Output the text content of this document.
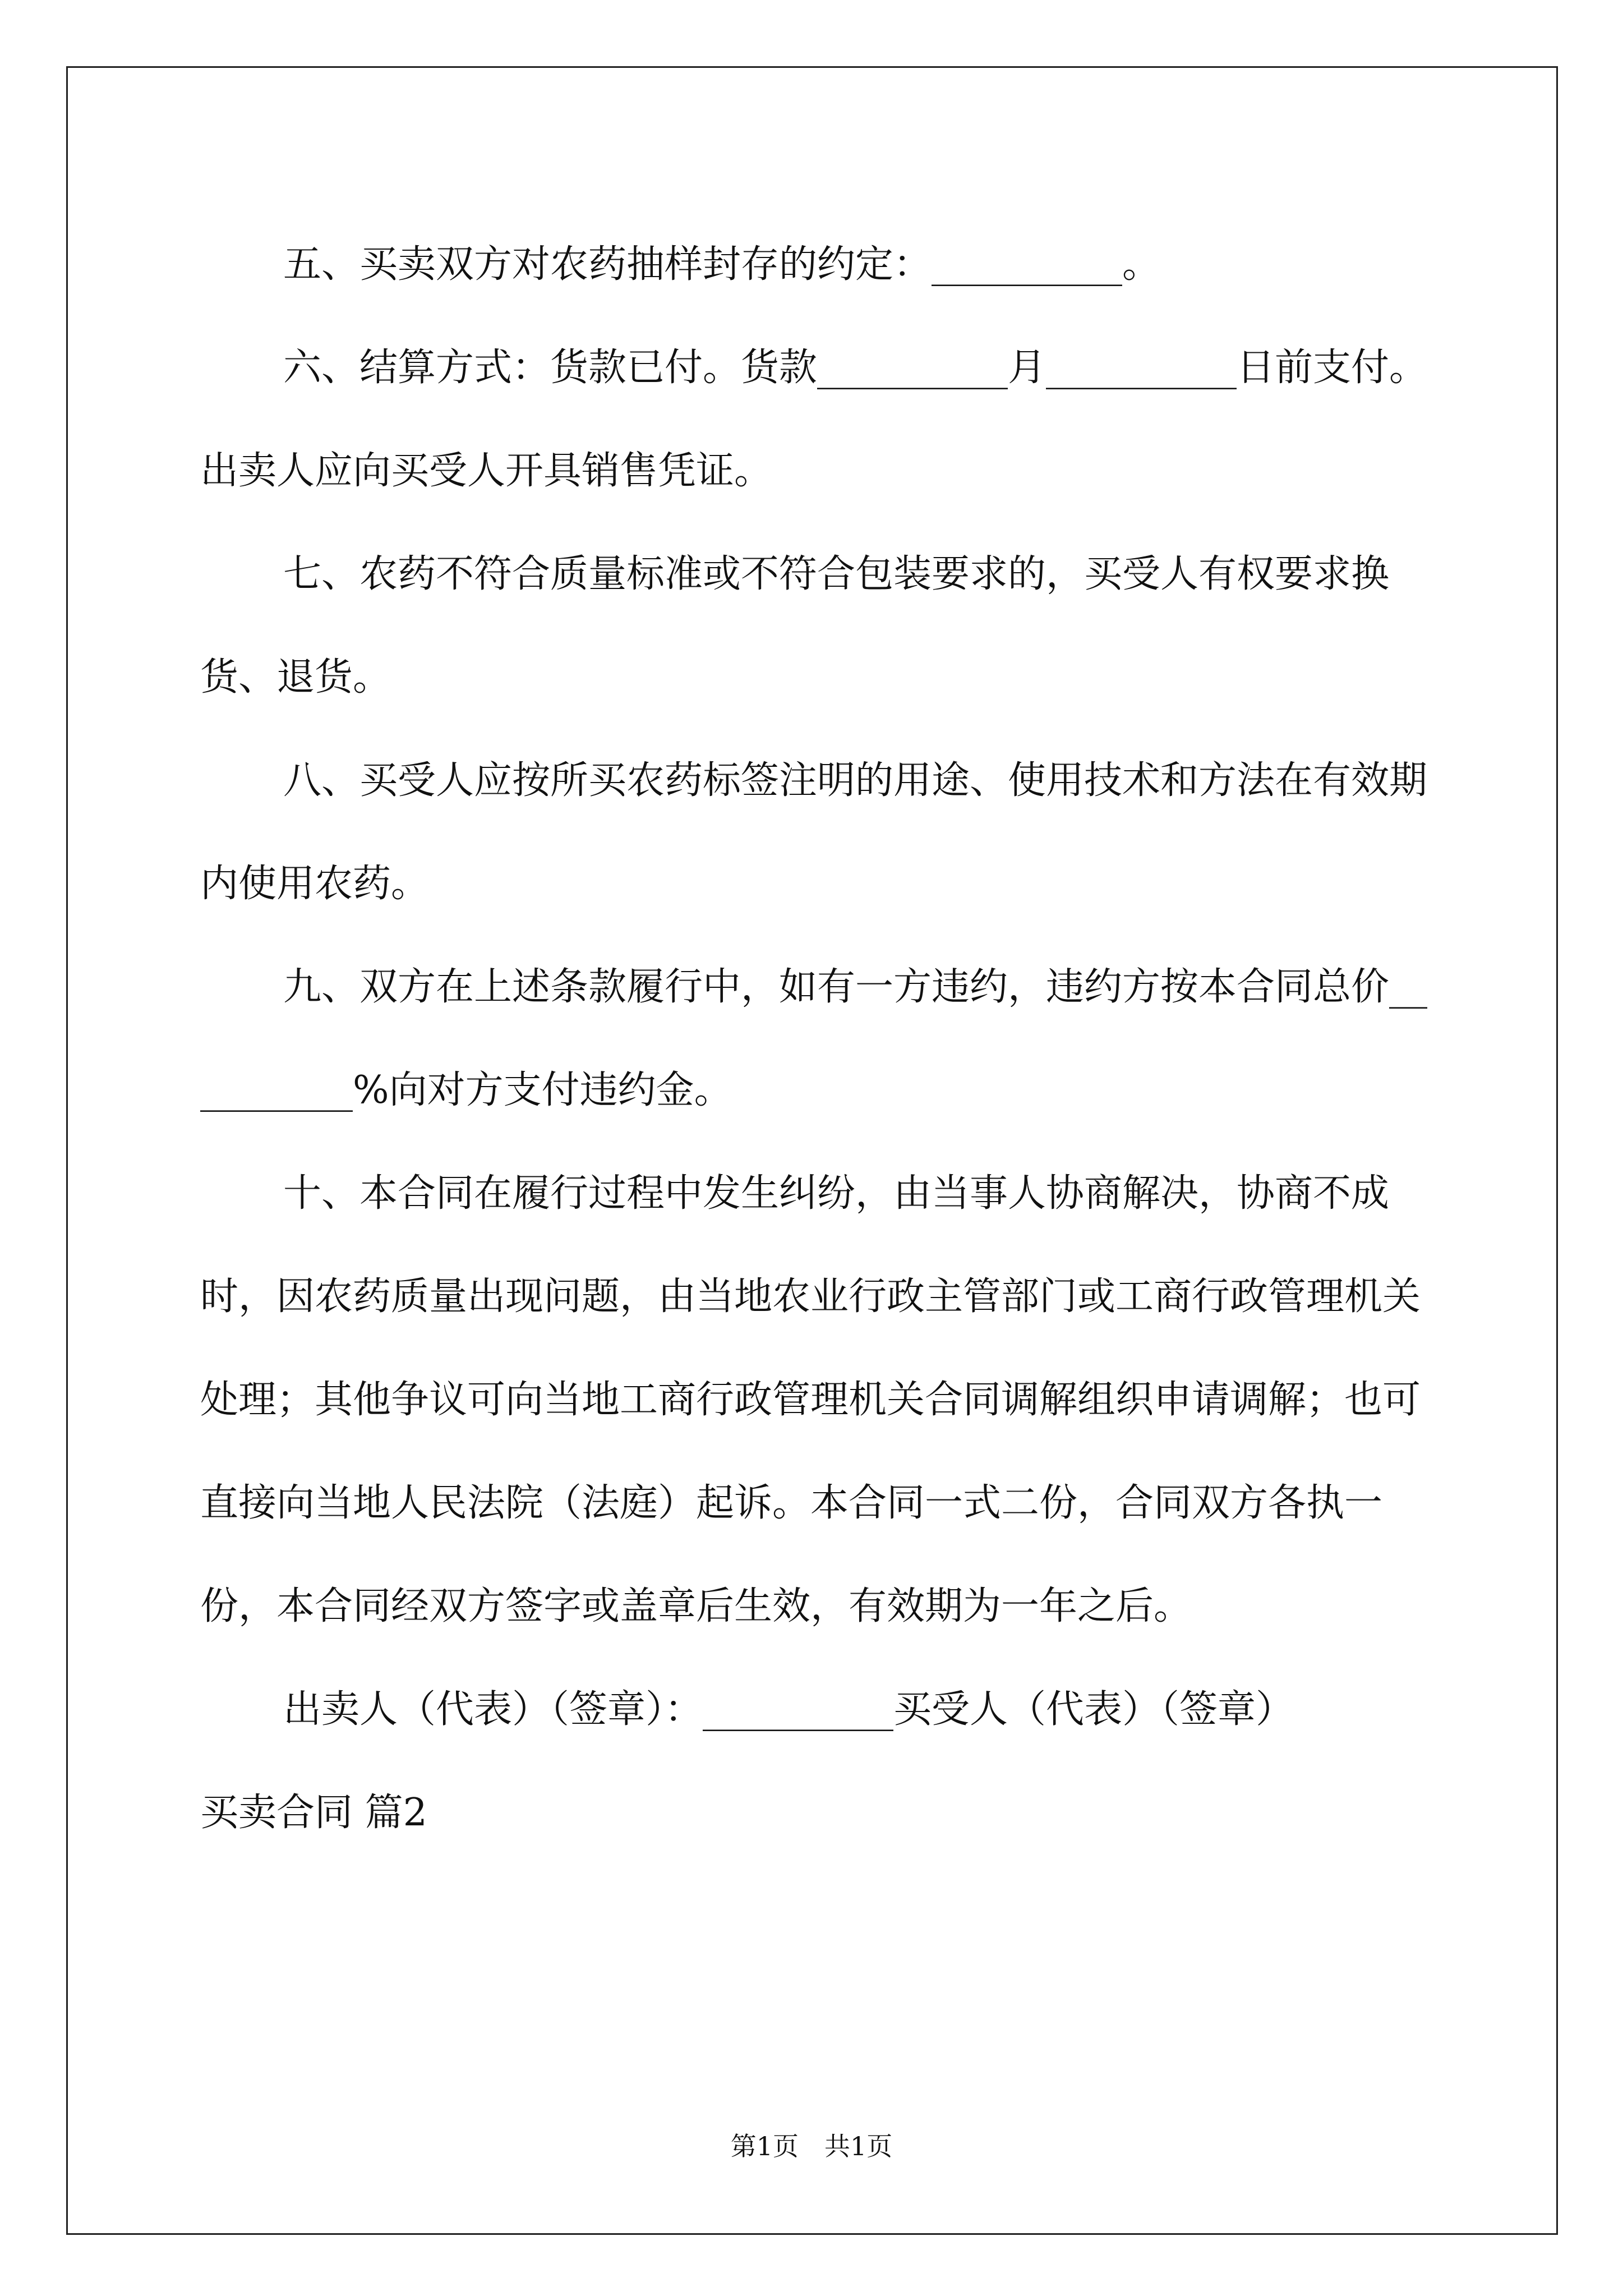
五、买卖双方对农药抽样封存的约定：__________。

六、结算方式：货款已付。货款__________月__________日前支付。出卖人应向买受人开具销售凭证。

七、农药不符合质量标准或不符合包装要求的，买受人有权要求换货、退货。

八、买受人应按所买农药标签注明的用途、使用技术和方法在有效期内使用农药。

九、双方在上述条款履行中，如有一方违约，违约方按本合同总价__________%向对方支付违约金。

十、本合同在履行过程中发生纠纷，由当事人协商解决，协商不成时，因农药质量出现问题，由当地农业行政主管部门或工商行政管理机关处理；其他争议可向当地工商行政管理机关合同调解组织申请调解；也可直接向当地人民法院（法庭）起诉。本合同一式二份，合同双方各执一份，本合同经双方签字或盖章后生效，有效期为一年之后。

出卖人（代表）（签章）：__________买受人（代表）（签章）

买卖合同 篇2

第1页　共1页
